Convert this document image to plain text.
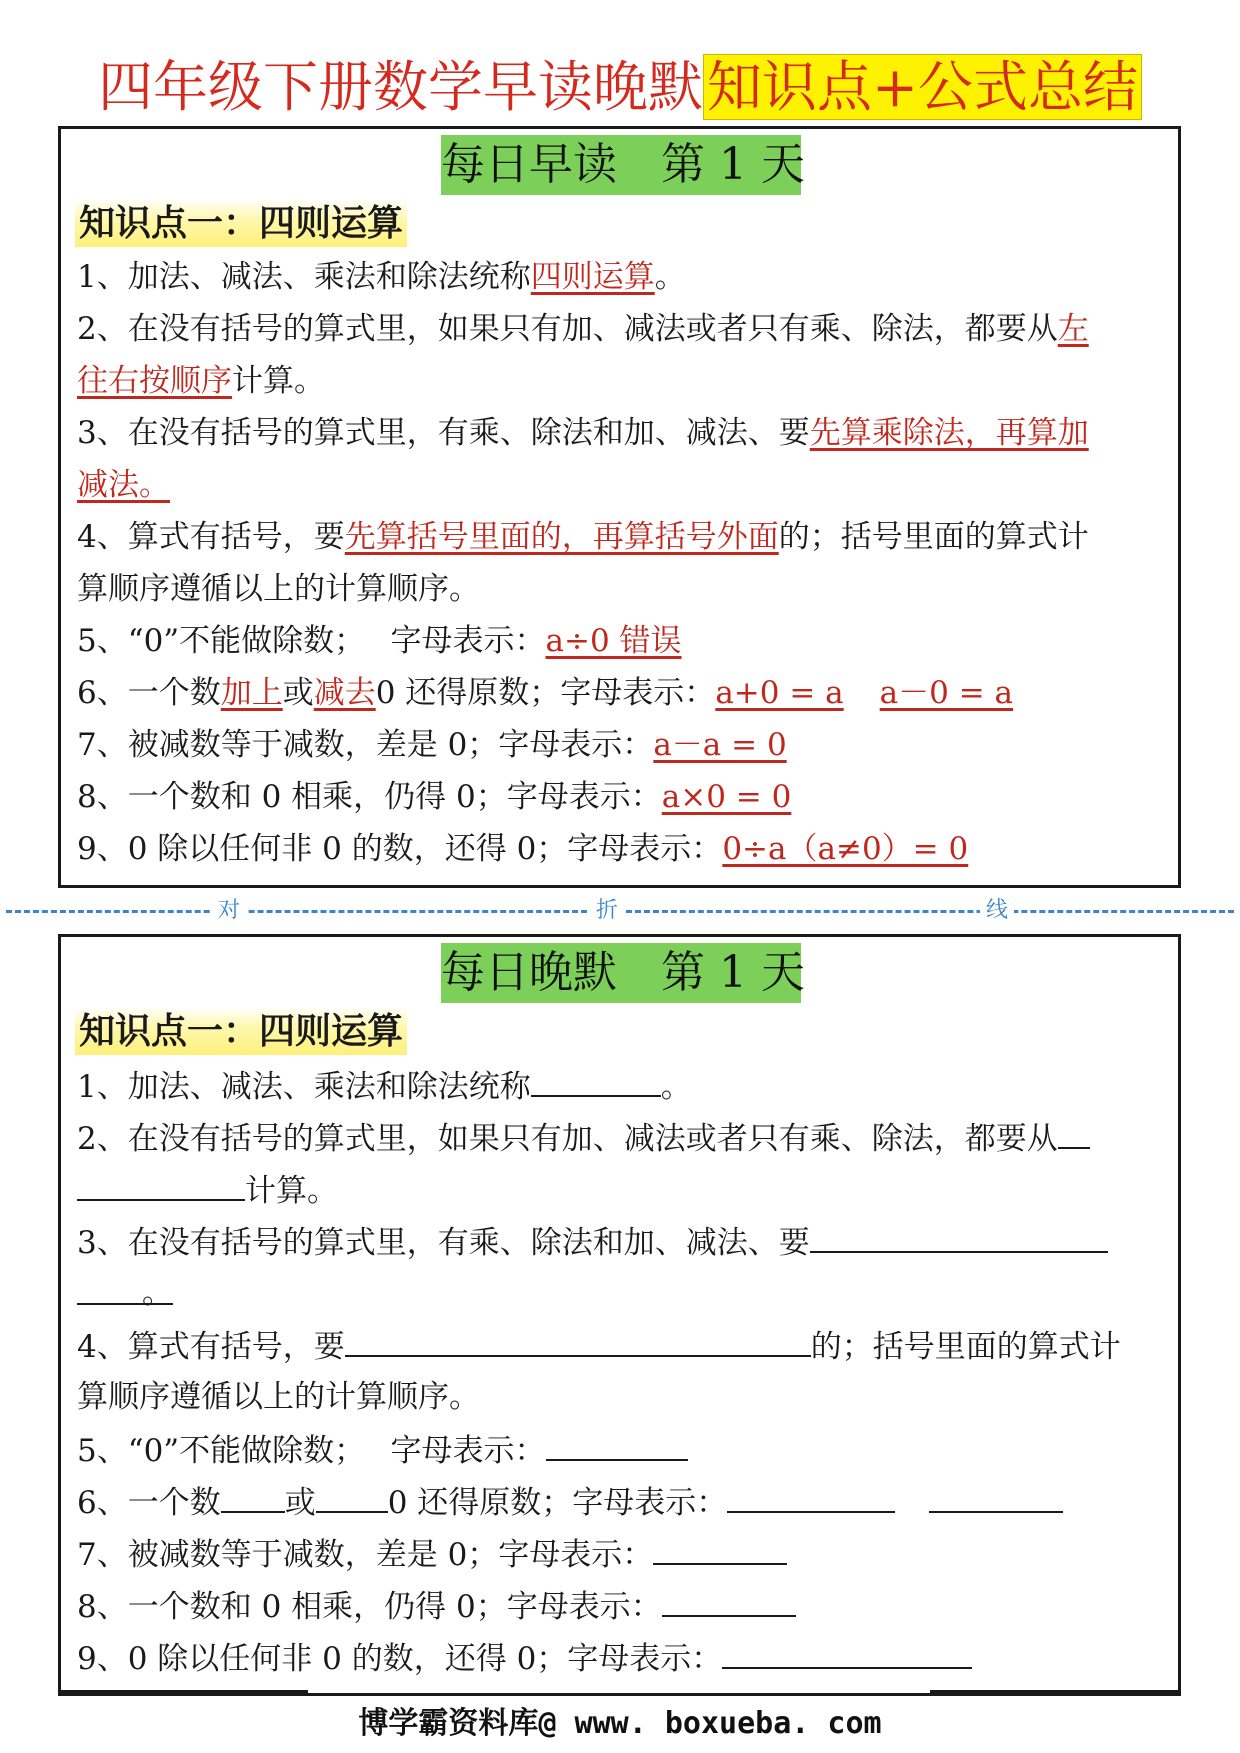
四年级下册数学早读晚默知识点+公式总结
每日早读　第 1 天
知识点一：四则运算
1、加法、减法、乘法和除法统称四则运算。
2、在没有括号的算式里，如果只有加、减法或者只有乘、除法，都要从左
往右按顺序计算。
3、在没有括号的算式里，有乘、除法和加、减法、要先算乘除法，再算加
减法。
4、算式有括号，要先算括号里面的，再算括号外面的；括号里面的算式计
算顺序遵循以上的计算顺序。
5、“0”不能做除数；　 字母表示：a÷0 错误
6、一个数加上或减去0 还得原数；字母表示：a+0 = a a－0 = a
7、被减数等于减数，差是 0；字母表示：a－a = 0
8、一个数和 0 相乘，仍得 0；字母表示：a×0 = 0
9、0 除以任何非 0 的数，还得 0；字母表示：0÷a（a≠0）= 0
对	折	线
每日晚默　第 1 天
知识点一：四则运算
1、加法、减法、乘法和除法统称	。
2、在没有括号的算式里，如果只有加、减法或者只有乘、除法，都要从
计算。
3、在没有括号的算式里，有乘、除法和加、减法、要
。
4、算式有括号，要	的；括号里面的算式计
算顺序遵循以上的计算顺序。
5、“0”不能做除数；　 字母表示：
6、一个数 或 0 还得原数；字母表示：
7、被减数等于减数，差是 0；字母表示：
8、一个数和 0 相乘，仍得 0；字母表示：
9、0 除以任何非 0 的数，还得 0；字母表示：
博学霸资料库@ www. boxueba. com
